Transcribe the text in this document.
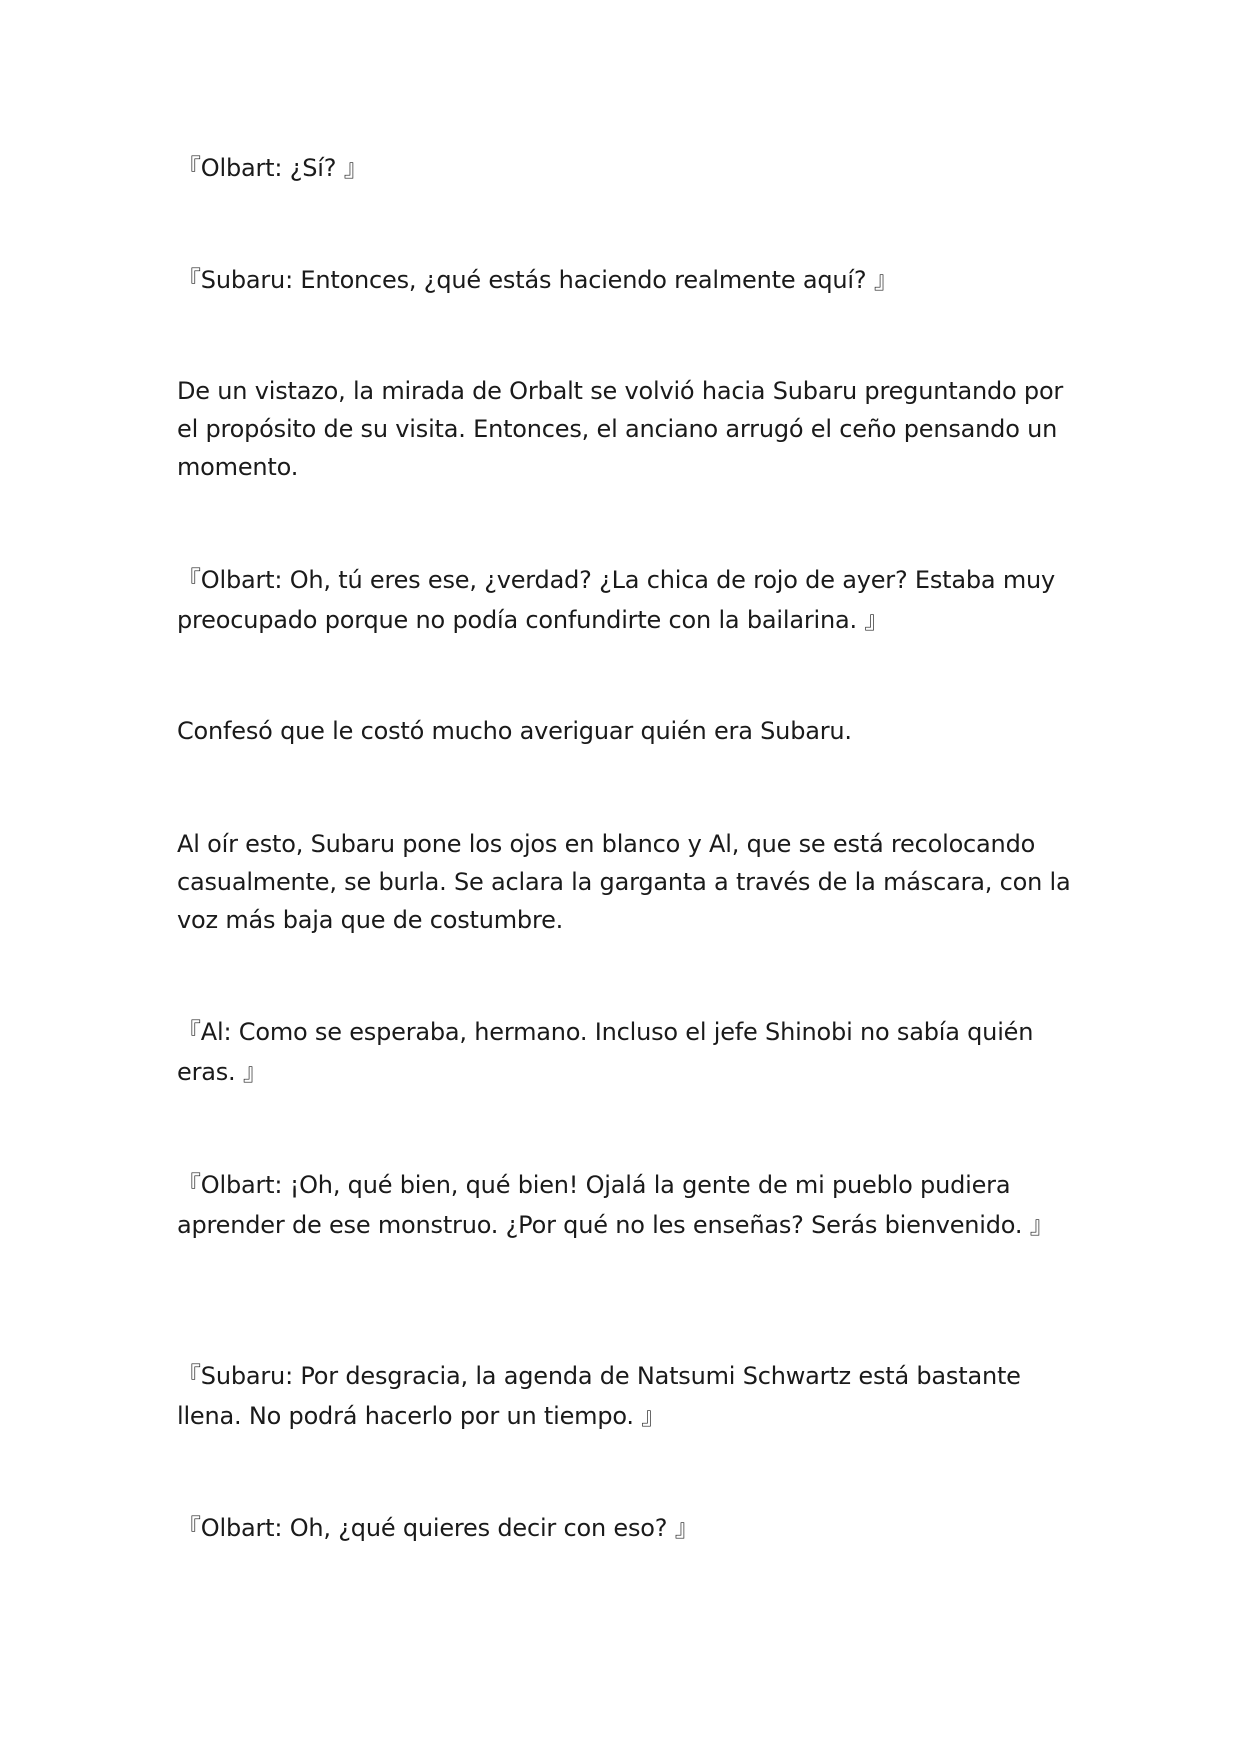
『Olbart: ¿Sí? 』

『Subaru: Entonces, ¿qué estás haciendo realmente aquí? 』

De un vistazo, la mirada de Orbalt se volvió hacia Subaru preguntando por el propósito de su visita. Entonces, el anciano arrugó el ceño pensando un momento.

『Olbart: Oh, tú eres ese, ¿verdad? ¿La chica de rojo de ayer? Estaba muy preocupado porque no podía confundirte con la bailarina. 』

Confesó que le costó mucho averiguar quién era Subaru.

Al oír esto, Subaru pone los ojos en blanco y Al, que se está recolocando casualmente, se burla. Se aclara la garganta a través de la máscara, con la voz más baja que de costumbre.

『Al: Como se esperaba, hermano. Incluso el jefe Shinobi no sabía quién eras. 』

『Olbart: ¡Oh, qué bien, qué bien! Ojalá la gente de mi pueblo pudiera aprender de ese monstruo. ¿Por qué no les enseñas? Serás bienvenido. 』

『Subaru: Por desgracia, la agenda de Natsumi Schwartz está bastante llena. No podrá hacerlo por un tiempo. 』

『Olbart: Oh, ¿qué quieres decir con eso? 』
